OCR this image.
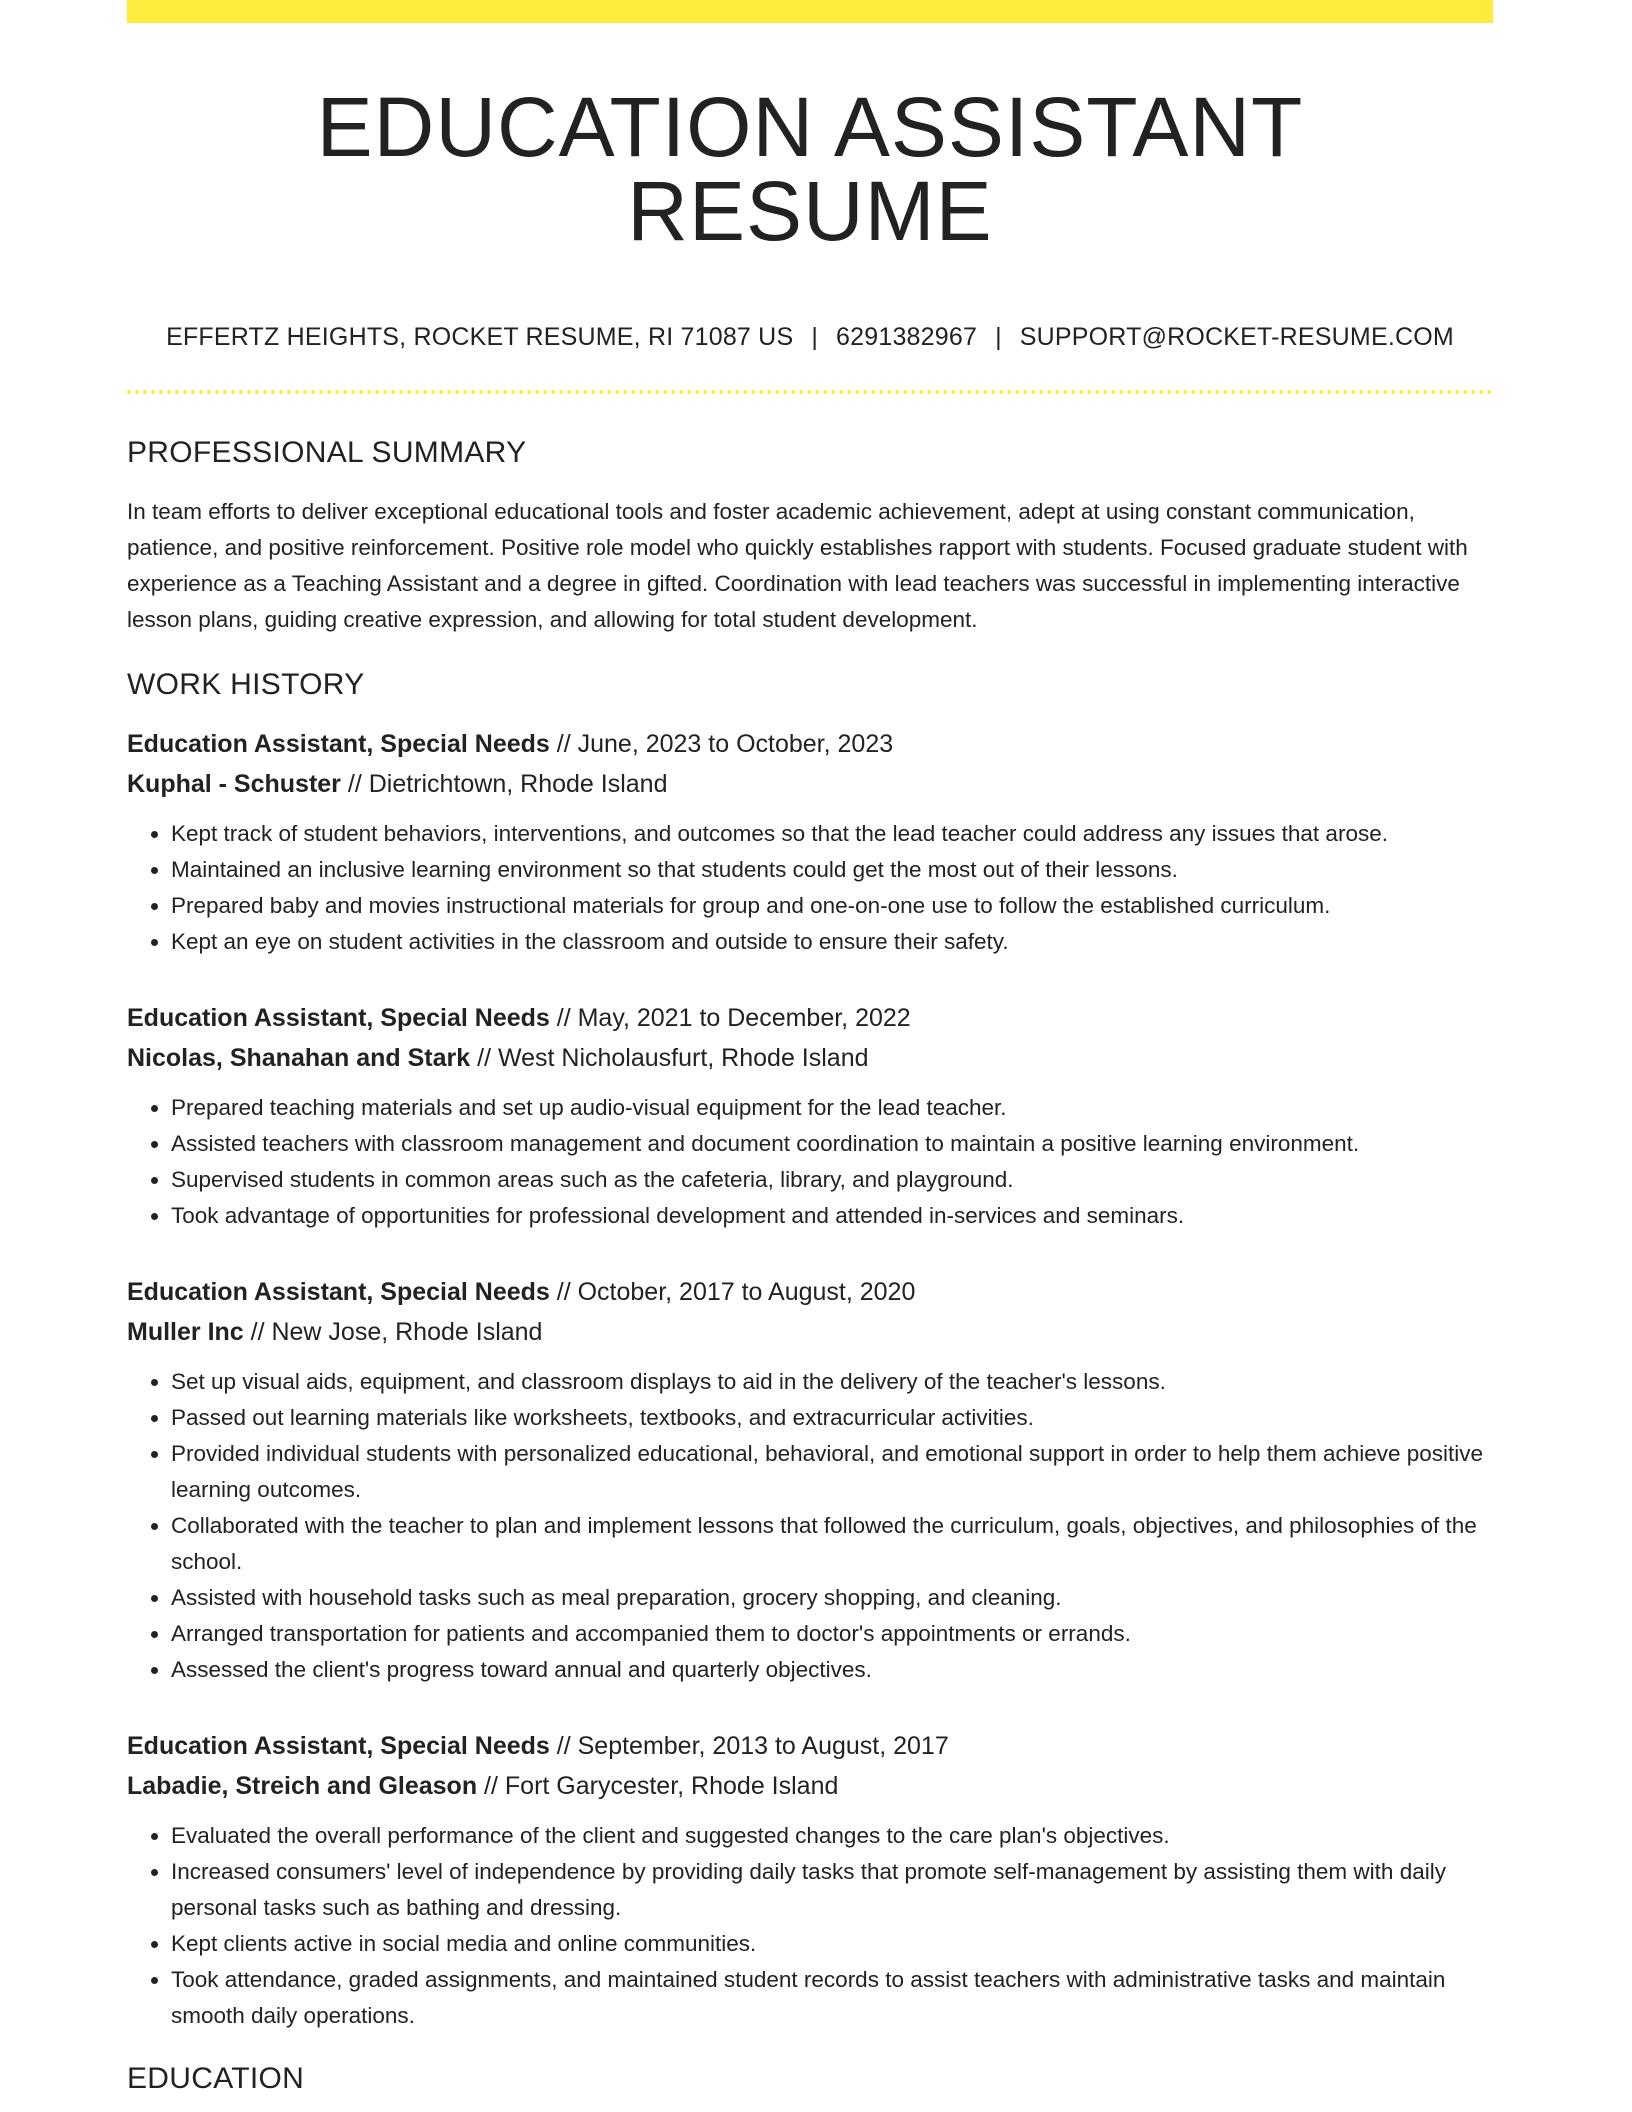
EDUCATION ASSISTANT RESUME
EFFERTZ HEIGHTS, ROCKET RESUME, RI 71087 US | 6291382967 | SUPPORT@ROCKET-RESUME.COM
PROFESSIONAL SUMMARY
In team efforts to deliver exceptional educational tools and foster academic achievement, adept at using constant communication, patience, and positive reinforcement. Positive role model who quickly establishes rapport with students. Focused graduate student with experience as a Teaching Assistant and a degree in gifted. Coordination with lead teachers was successful in implementing interactive lesson plans, guiding creative expression, and allowing for total student development.
WORK HISTORY
Education Assistant, Special Needs // June, 2023 to October, 2023
Kuphal - Schuster // Dietrichtown, Rhode Island
• Kept track of student behaviors, interventions, and outcomes so that the lead teacher could address any issues that arose.
• Maintained an inclusive learning environment so that students could get the most out of their lessons.
• Prepared baby and movies instructional materials for group and one-on-one use to follow the established curriculum.
• Kept an eye on student activities in the classroom and outside to ensure their safety.
Education Assistant, Special Needs // May, 2021 to December, 2022
Nicolas, Shanahan and Stark // West Nicholausfurt, Rhode Island
• Prepared teaching materials and set up audio-visual equipment for the lead teacher.
• Assisted teachers with classroom management and document coordination to maintain a positive learning environment.
• Supervised students in common areas such as the cafeteria, library, and playground.
• Took advantage of opportunities for professional development and attended in-services and seminars.
Education Assistant, Special Needs // October, 2017 to August, 2020
Muller Inc // New Jose, Rhode Island
• Set up visual aids, equipment, and classroom displays to aid in the delivery of the teacher's lessons.
• Passed out learning materials like worksheets, textbooks, and extracurricular activities.
• Provided individual students with personalized educational, behavioral, and emotional support in order to help them achieve positive learning outcomes.
• Collaborated with the teacher to plan and implement lessons that followed the curriculum, goals, objectives, and philosophies of the school.
• Assisted with household tasks such as meal preparation, grocery shopping, and cleaning.
• Arranged transportation for patients and accompanied them to doctor's appointments or errands.
• Assessed the client's progress toward annual and quarterly objectives.
Education Assistant, Special Needs // September, 2013 to August, 2017
Labadie, Streich and Gleason // Fort Garycester, Rhode Island
• Evaluated the overall performance of the client and suggested changes to the care plan's objectives.
• Increased consumers' level of independence by providing daily tasks that promote self-management by assisting them with daily personal tasks such as bathing and dressing.
• Kept clients active in social media and online communities.
• Took attendance, graded assignments, and maintained student records to assist teachers with administrative tasks and maintain smooth daily operations.
EDUCATION
